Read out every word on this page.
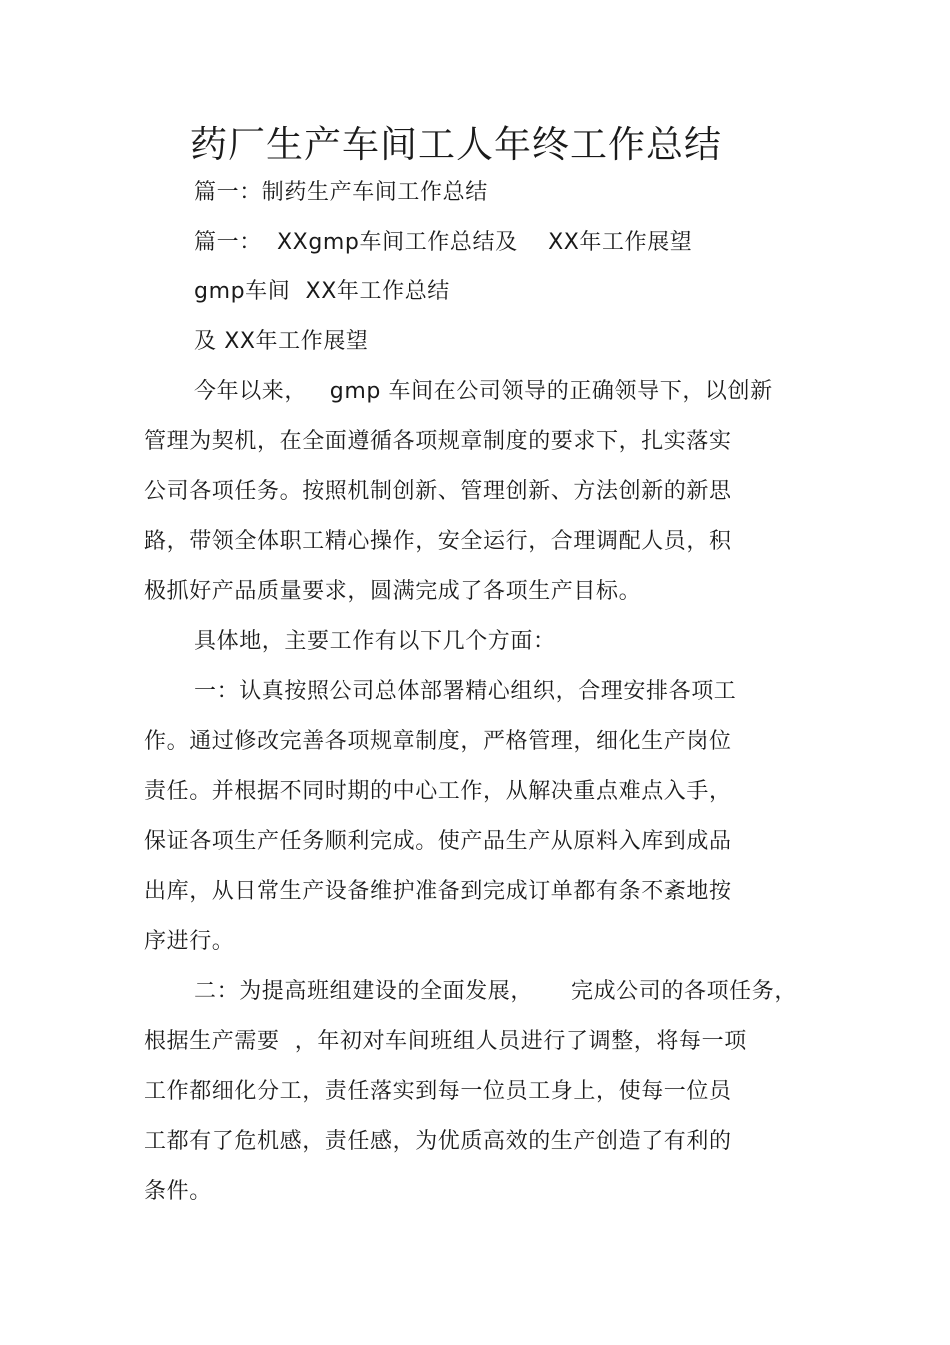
药厂生产车间工人年终工作总结
篇一：制药生产车间工作总结
篇一：  XXgmp车间工作总结及    XX年工作展望
gmp车间  XX年工作总结
及 XX年工作展望
今年以来，   gmp 车间在公司领导的正确领导下，以创新
管理为契机，在全面遵循各项规章制度的要求下，扎实落实
公司各项任务。按照机制创新、管理创新、方法创新的新思
路，带领全体职工精心操作，安全运行，合理调配人员，积
极抓好产品质量要求，圆满完成了各项生产目标。
具体地，主要工作有以下几个方面：
一：认真按照公司总体部署精心组织，合理安排各项工
作。通过修改完善各项规章制度，严格管理，细化生产岗位
责任。并根据不同时期的中心工作，从解决重点难点入手，
保证各项生产任务顺利完成。使产品生产从原料入库到成品
出库，从日常生产设备维护准备到完成订单都有条不紊地按
序进行。
二：为提高班组建设的全面发展，     完成公司的各项任务，
根据生产需要  ，年初对车间班组人员进行了调整，将每一项
工作都细化分工，责任落实到每一位员工身上，使每一位员
工都有了危机感，责任感，为优质高效的生产创造了有利的
条件。
